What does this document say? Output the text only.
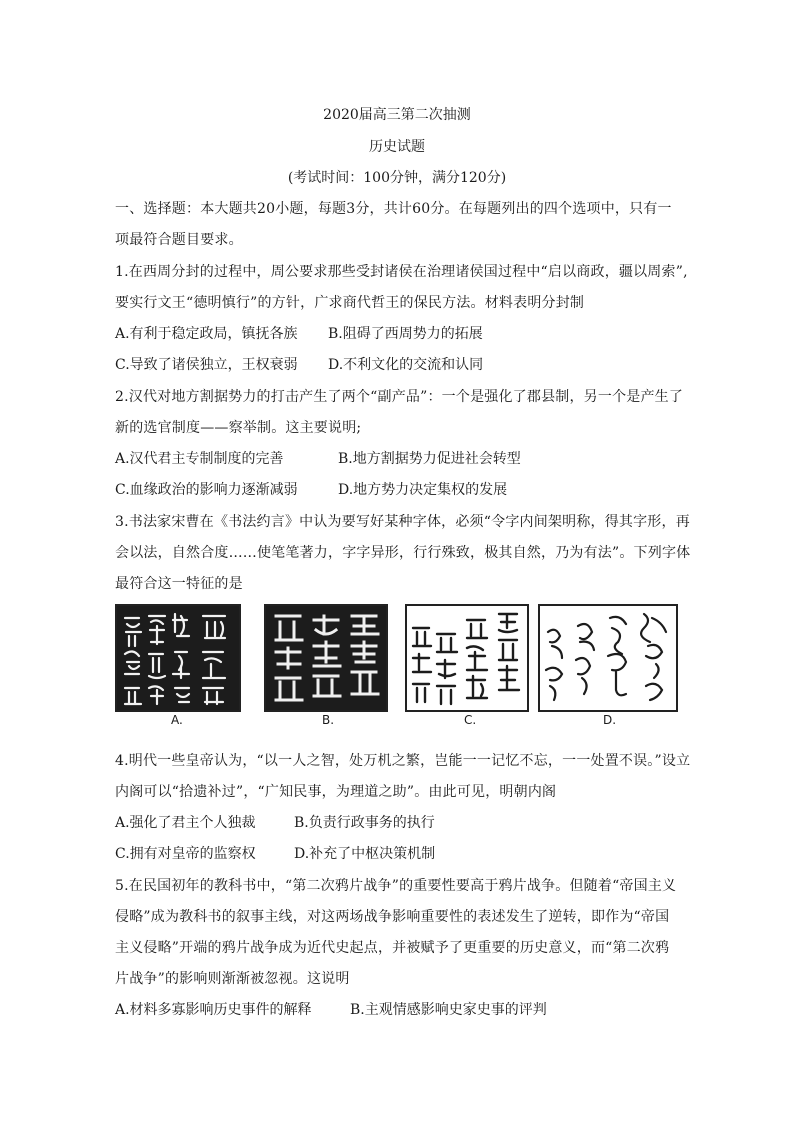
2020届高三第二次抽测
历史试题
(考试时间：100分钟，满分120分)
一、选择题：本大题共20小题，每题3分，共计60分。在每题列出的四个选项中，只有一
项最符合题目要求。
1.在西周分封的过程中，周公要求那些受封诸侯在治理诸侯国过程中“启以商政，疆以周索”,
要实行文王“德明慎行”的方针，广求商代哲王的保民方法。材料表明分封制
A.有利于稳定政局，镇抚各族 B.阻碍了西周势力的拓展
C.导致了诸侯独立，王权衰弱 D.不利文化的交流和认同
2.汉代对地方割据势力的打击产生了两个“副产品”：一个是强化了郡县制，另一个是产生了
新的选官制度——察举制。这主要说明;
A.汉代君主专制制度的完善	B.地方割据势力促进社会转型
C.血缘政治的影响力逐渐减弱	D.地方势力决定集权的发展
3.书法家宋曹在《书法约言》中认为要写好某种字体，必须“令字内间架明称，得其字形，再
会以法，自然合度……使笔笔著力，字字异形，行行殊致，极其自然，乃为有法”。下列字体
最符合这一特征的是
A.	B.	C.	D.
4.明代一些皇帝认为，“以一人之智，处万机之繁，岂能一一记忆不忘，一一处置不误。”设立
内阁可以“拾遗补过”，“广知民事，为理道之助”。由此可见，明朝内阁
A.强化了君主个人独裁	B.负责行政事务的执行
C.拥有对皇帝的监察权	D.补充了中枢决策机制
5.在民国初年的教科书中，“第二次鸦片战争”的重要性要高于鸦片战争。但随着“帝国主义
侵略”成为教科书的叙事主线，对这两场战争影响重要性的表述发生了逆转，即作为“帝国
主义侵略”开端的鸦片战争成为近代史起点，并被赋予了更重要的历史意义，而“第二次鸦
片战争”的影响则渐渐被忽视。这说明
A.材料多寡影响历史事件的解释	B.主观情感影响史家史事的评判
